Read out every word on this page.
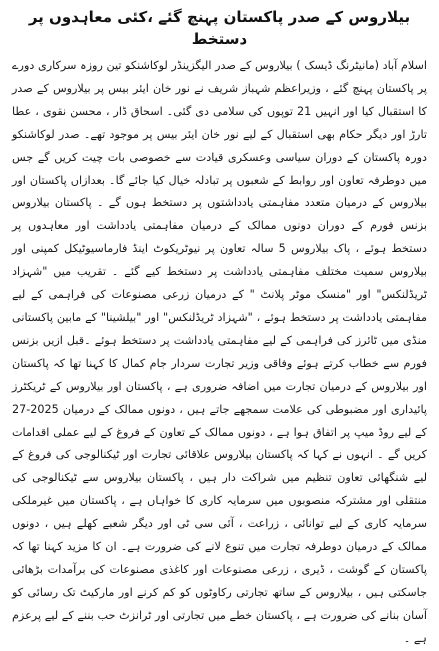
بیلاروس کے صدر پاکستان پہنچ گئے ،کئی معاہدوں پر دستخط

اسلام آباد (مانیٹرنگ ڈیسک ) بیلاروس کے صدر الیگزینڈر لوکاشنکو تین روزہ سرکاری دورے پر پاکستان پہنچ گئے ، وزیراعظم شہباز شریف نے نور خان ایئر بیس پر بیلاروس کے صدر کا استقبال کیا اور انہیں 21 توپوں کی سلامی دی گئی۔ اسحاق ڈار ، محسن نقوی ، عطا تارڑ اور دیگر حکام بھی استقبال کے لیے نور خان ایئر بیس پر موجود تھے۔ صدر لوکاشنکو دورہ پاکستان کے دوران سیاسی وعسکری قیادت سے خصوصی بات چیت کریں گے جس میں دوطرفہ تعاون اور روابط کے شعبوں پر تبادلہ خیال کیا جائے گا۔ بعدازاں پاکستان اور بیلاروس کے درمیان متعدد مفاہمتی یادداشتوں پر دستخط ہوں گے ۔ پاکستان بیلاروس بزنس فورم کے دوران دونوں ممالک کے درمیان مفاہمتی یادداشت اور معاہدوں پر دستخط ہوئے ، پاک بیلاروس 5 سالہ تعاون پر نیوٹریکوٹ اینڈ فارماسیوٹیکل کمپنی اور بیلاروس سمیت مختلف مفاہمتی یادداشت پر دستخط کیے گئے ۔ تقریب میں "شہزاد ٹریڈلنکس" اور "منسک موٹر پلانٹ " کے درمیان زرعی مصنوعات کی فراہمی کے لیے مفاہمتی یادداشت پر دستخط ہوئے ، "شہزاد ٹریڈلنکس" اور "بیلشینا" کے مابین پاکستانی منڈی میں ٹائرز کی فراہمی کے لیے مفاہمتی یادداشت پر دستخط ہوئے ۔قبل ازیں بزنس فورم سے خطاب کرتے ہوئے وفاقی وزیر تجارت سردار جام کمال کا کہنا تھا کہ پاکستان اور بیلاروس کے درمیان تجارت میں اضافہ ضروری ہے ، پاکستان اور بیلاروس کے ٹریکٹرز پائیداری اور مضبوطی کی علامت سمجھے جاتے ہیں ، دونوں ممالک کے درمیان 2025-27 کے لیے روڈ میپ پر اتفاق ہوا ہے ، دونوں ممالک کے تعاون کے فروغ کے لیے عملی اقدامات کریں گے ۔ انہوں نے کہا کہ پاکستان بیلاروس علاقائی تجارت اور ٹیکنالوجی کی فروغ کے لیے شنگھائی تعاون تنظیم میں شراکت دار ہیں ، پاکستان بیلاروس سے ٹیکنالوجی کی منتقلی اور مشترکہ منصوبوں میں سرمایہ کاری کا خواہاں ہے ، پاکستان میں غیرملکی سرمایہ کاری کے لیے توانائی ، زراعت ، آئی سی ٹی اور دیگر شعبے کھلے ہیں ، دونوں ممالک کے درمیان دوطرفہ تجارت میں تنوع لانے کی ضرورت ہے۔ ان کا مزید کہنا تھا کہ پاکستان کے گوشت ، ڈیری ، زرعی مصنوعات اور کاغذی مصنوعات کی برآمدات بڑھائی جاسکتی ہیں ، بیلاروس کے ساتھ تجارتی رکاوٹوں کو کم کرنے اور مارکیٹ تک رسائی کو آسان بنانے کی ضرورت ہے ، پاکستان خطے میں تجارتی اور ٹرانزٹ حب بننے کے لیے پرعزم ہے ۔
